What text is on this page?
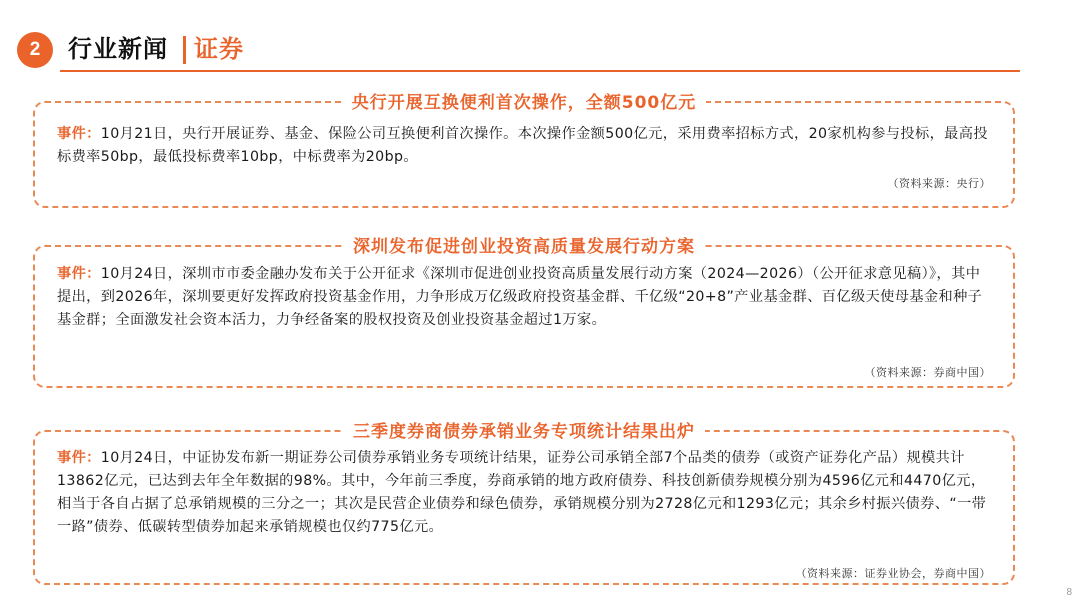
2	行业新闻 证券
央行开展互换便利首次操作，全额500亿元
事件：10月21日，央行开展证券、基金、保险公司互换便利首次操作。本次操作金额500亿元，采用费率招标方式，20家机构参与投标，最高投标费率50bp，最低投标费率10bp，中标费率为20bp。
（资料来源：央行）
深圳发布促进创业投资高质量发展行动方案
事件：10月24日，深圳市市委金融办发布关于公开征求《深圳市促进创业投资高质量发展行动方案（2024—2026）（公开征求意见稿）》，其中提出，到2026年，深圳要更好发挥政府投资基金作用，力争形成万亿级政府投资基金群、千亿级“20+8”产业基金群、百亿级天使母基金和种子基金群；全面激发社会资本活力，力争经备案的股权投资及创业投资基金超过1万家。
（资料来源：券商中国）
三季度券商债券承销业务专项统计结果出炉
事件：10月24日，中证协发布新一期证券公司债券承销业务专项统计结果，证券公司承销全部7个品类的债券（或资产证券化产品）规模共计13862亿元，已达到去年全年数据的98%。其中，今年前三季度，券商承销的地方政府债券、科技创新债券规模分别为4596亿元和4470亿元，相当于各自占据了总承销规模的三分之一；其次是民营企业债券和绿色债券，承销规模分别为2728亿元和1293亿元；其余乡村振兴债券、“一带一路”债券、低碳转型债券加起来承销规模也仅约775亿元。
（资料来源：证券业协会，券商中国）
8
